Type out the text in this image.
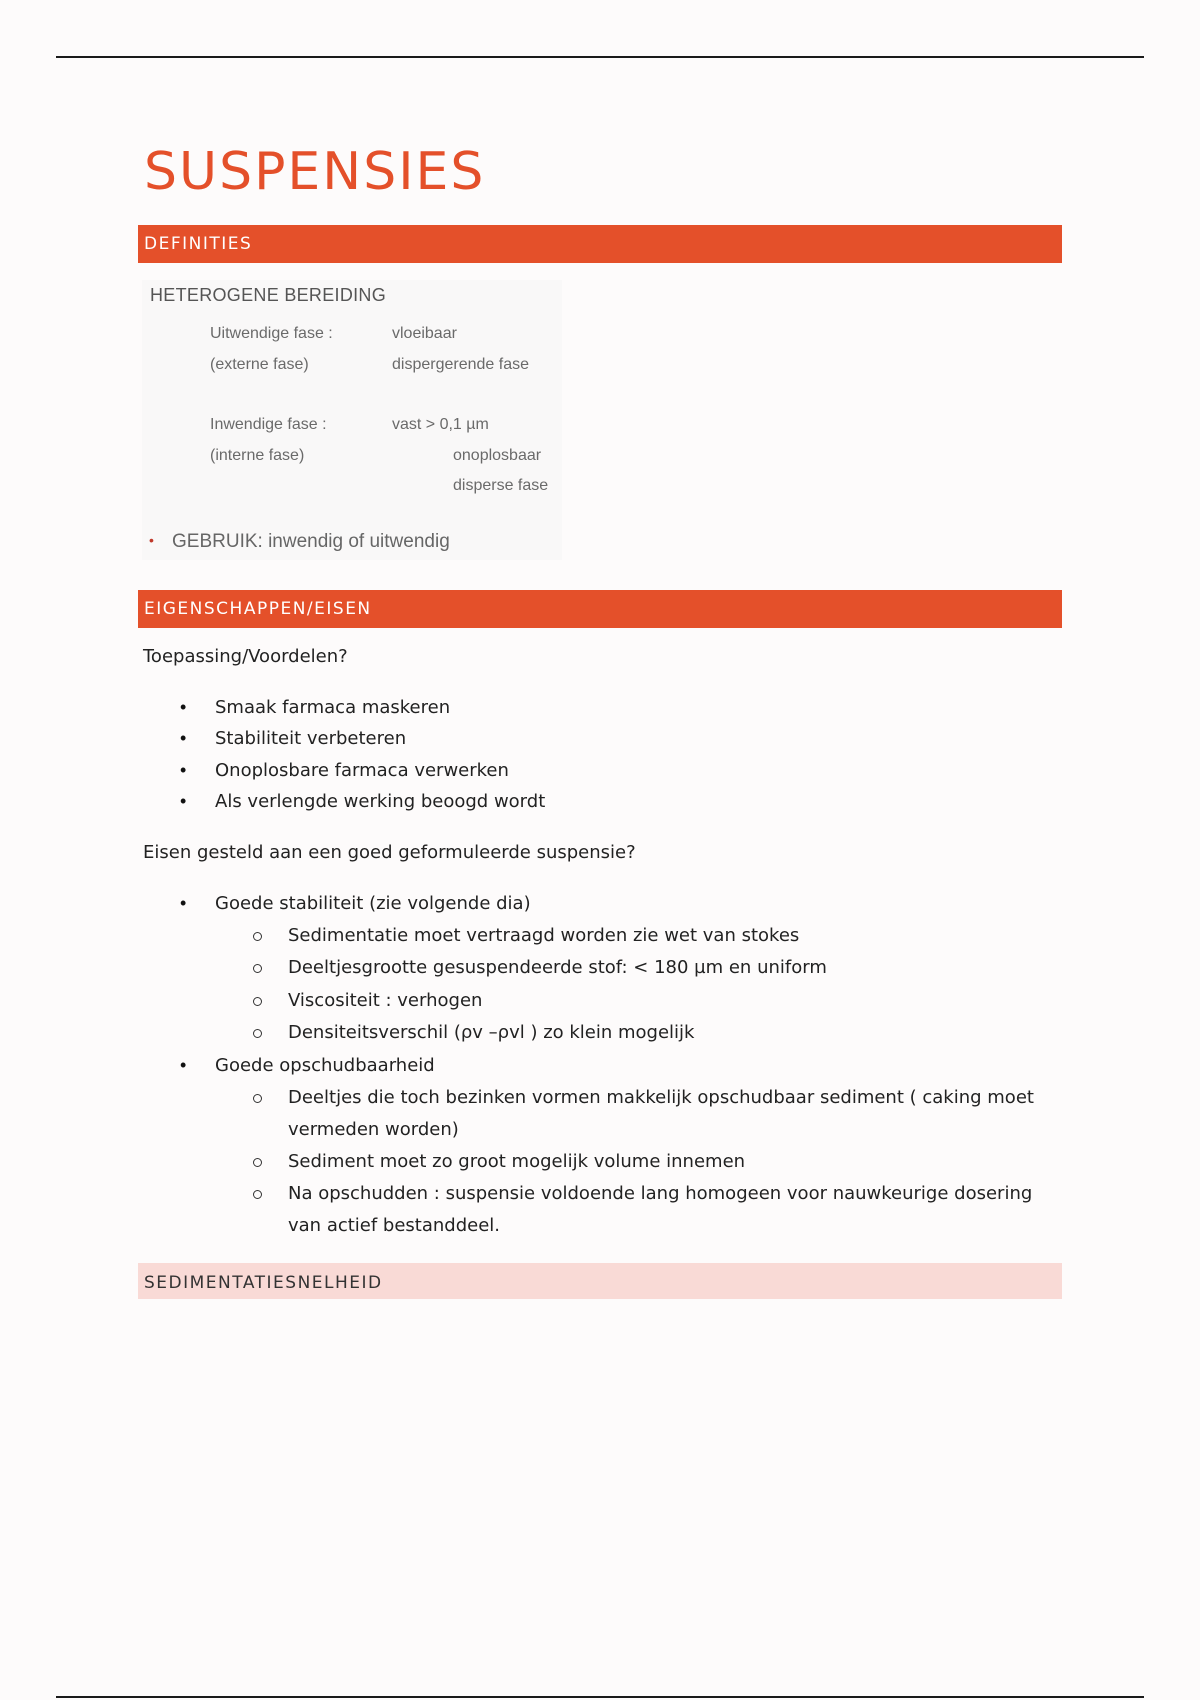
SUSPENSIES
DEFINITIES
HETEROGENE BEREIDING
Uitwendige fase :
(externe fase)
vloeibaar
dispergerende fase
Inwendige fase :
(interne fase)
vast > 0,1 µm
onoplosbaar
disperse fase
• GEBRUIK: inwendig of uitwendig
EIGENSCHAPPEN/EISEN
Toepassing/Voordelen?
• Smaak farmaca maskeren
• Stabiliteit verbeteren
• Onoplosbare farmaca verwerken
• Als verlengde werking beoogd wordt
Eisen gesteld aan een goed geformuleerde suspensie?
• Goede stabiliteit (zie volgende dia)
Sedimentatie moet vertraagd worden zie wet van stokes
Deeltjesgrootte gesuspendeerde stof: < 180 µm en uniform
Viscositeit : verhogen
Densiteitsverschil (ρv –ρvl ) zo klein mogelijk
• Goede opschudbaarheid
Deeltjes die toch bezinken vormen makkelijk opschudbaar sediment ( caking moet
vermeden worden)
Sediment moet zo groot mogelijk volume innemen
Na opschudden : suspensie voldoende lang homogeen voor nauwkeurige dosering
van actief bestanddeel.
SEDIMENTATIESNELHEID
